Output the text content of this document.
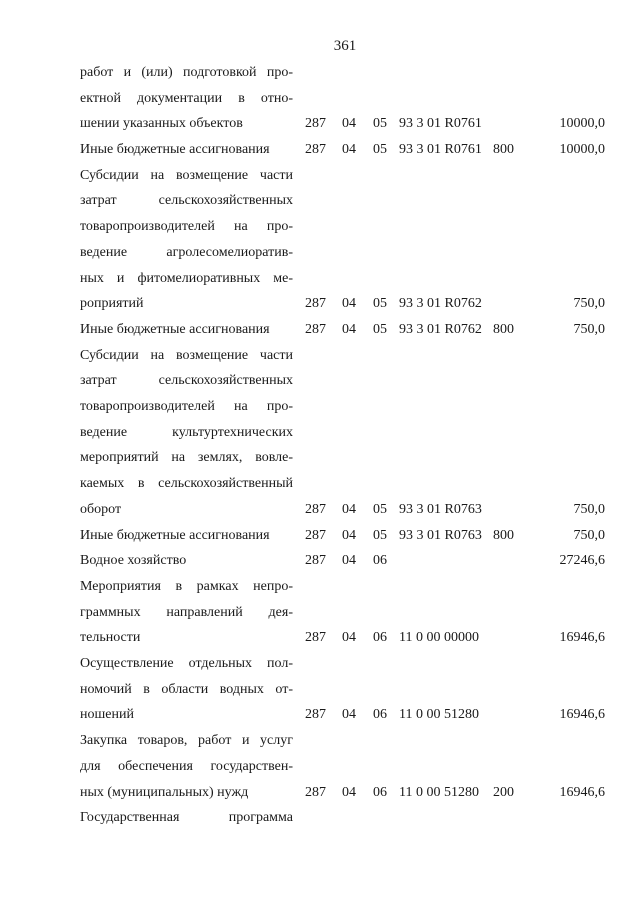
361
работ и (или) подготовкой про-
ектной документации в отно-
шении указанных объектов	287 04 05 93 3 01 R0761	10000,0
Иные бюджетные ассигнования	287 04 05 93 3 01 R0761 800	10000,0
Субсидии на возмещение части
затрат сельскохозяйственных
товаропроизводителей на про-
ведение агролесомелиоратив-
ных и фитомелиоративных ме-
роприятий	287 04 05 93 3 01 R0762	750,0
Иные бюджетные ассигнования	287 04 05 93 3 01 R0762 800	750,0
Субсидии на возмещение части
затрат сельскохозяйственных
товаропроизводителей на про-
ведение культуртехнических
мероприятий на землях, вовле-
каемых в сельскохозяйственный
оборот	287 04 05 93 3 01 R0763	750,0
Иные бюджетные ассигнования	287 04 05 93 3 01 R0763 800	750,0
Водное хозяйство	287 04 06	27246,6
Мероприятия в рамках непро-
граммных направлений дея-
тельности	287 04 06 11 0 00 00000	16946,6
Осуществление отдельных пол-
номочий в области водных от-
ношений	287 04 06 11 0 00 51280	16946,6
Закупка товаров, работ и услуг
для обеспечения государствен-
ных (муниципальных) нужд	287 04 06 11 0 00 51280 200	16946,6
Государственная программа
